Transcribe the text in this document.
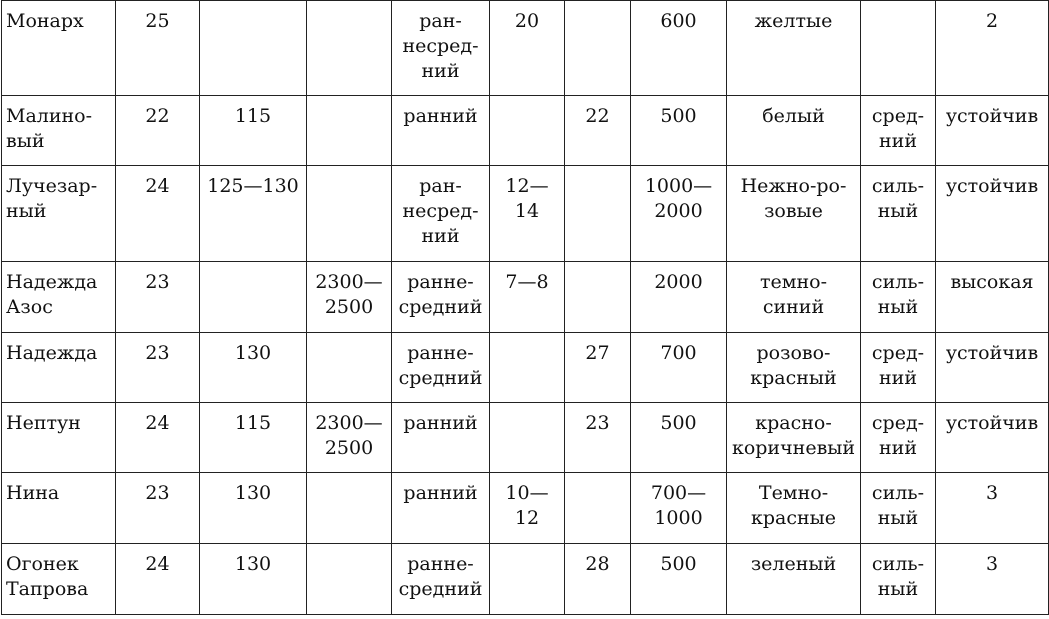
Монарх	25			ран-
несред-
ний	20		600	желтые		2
Малино-
вый	22	115		ранний		22	500	белый	сред-
ний	устойчив
Лучезар-
ный	24	125—130		ран-
несред-
ний	12—
14		1000—
2000	Нежно-ро-
зовые	силь-
ный	устойчив
Надежда
Азос	23		2300—
2500	ранне-
средний	7—8		2000	темно-
синий	силь-
ный	высокая
Надежда	23	130		ранне-
средний		27	700	розово-
красный	сред-
ний	устойчив
Нептун	24	115	2300—
2500	ранний		23	500	красно-
коричневый	сред-
ний	устойчив
Нина	23	130		ранний	10—
12		700—
1000	Темно-
красные	силь-
ный	3
Огонек
Тапрова	24	130		ранне-
средний		28	500	зеленый	силь-
ный	3
